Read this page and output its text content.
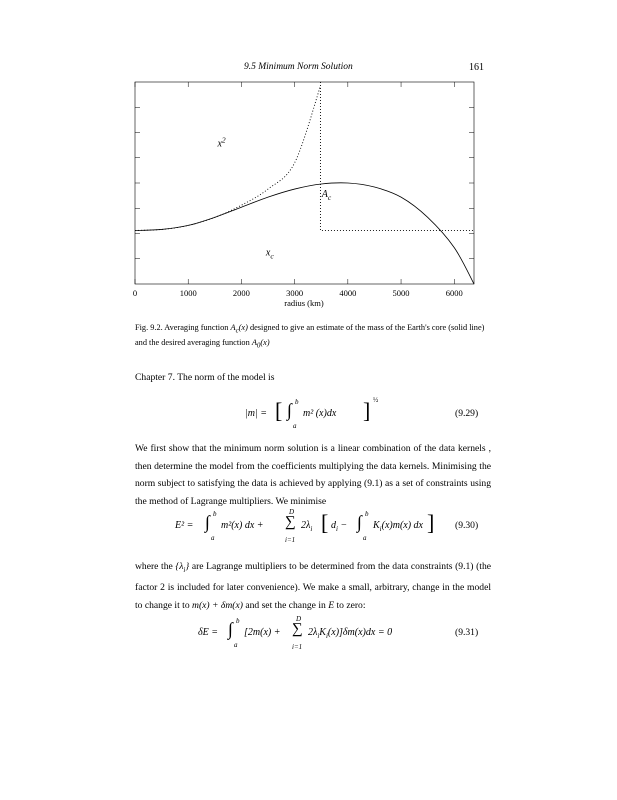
9.5 Minimum Norm Solution	161
0	1000	2000	3000	4000	5000	6000
radius (km)
$x^2$
$A_c$
$x_c$
Fig. 9.2. Averaging function $A_c(x)$ designed to give an estimate of the mass of the Earth's core (solid line) and the desired averaging function $A_0(x)$
Chapter 7. The norm of the model is
|m| = [ ∫ b
a
m² (x)dx ] ½
(9.29)
We first show that the minimum norm solution is a linear combination of the data kernels , then determine the model from the coefficients multiplying the data kernels. Minimising the norm subject to satisfying the data is achieved by applying (9.1) as a set of constraints using the method of Lagrange multipliers. We minimise
E² = ∫ b
a
m²(x) dx +
D
∑
i=1
$2\lambda_i$ [ $d_i$ − ∫ b
a
$K_i(x)m(x)$ dx ] (9.30)
where the $\{\lambda_i\}$ are Lagrange multipliers to be determined from the data constraints (9.1) (the factor 2 is included for later convenience). We make a small, arbitrary, change in the model to change it to m(x) + δm(x) and set the change in E to zero:
δE = ∫ b
a
[2m(x) +
D
∑
i=1
$2\lambda_iK_i(x)]\delta m(x)dx = 0$	(9.31)
